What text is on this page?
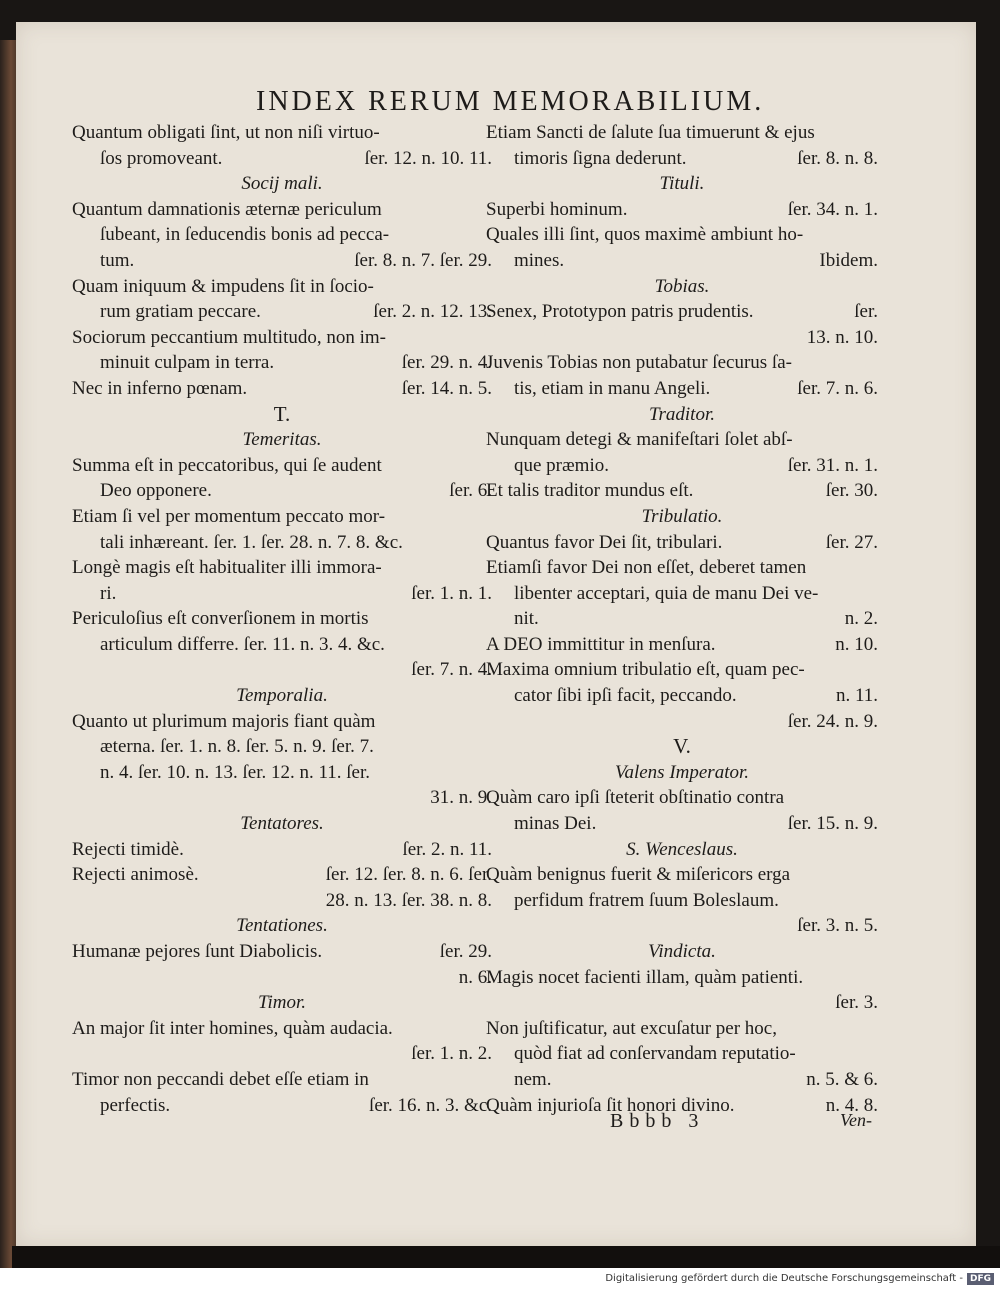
INDEX RERUM MEMORABILIUM.
Quantum obligati ſint, ut non niſi virtuo-
ſos promoveant.	ſer. 12. n. 10. 11.
Socij mali.
Quantum damnationis æternæ periculum
ſubeant, in ſeducendis bonis ad pecca-
tum.	ſer. 8. n. 7. ſer. 29.
Quam iniquum & impudens ſit in ſocio-
rum gratiam peccare.	ſer. 2. n. 12. 13.
Sociorum peccantium multitudo, non im-
minuit culpam in terra.	ſer. 29. n. 4.
Nec in inferno pœnam.	ſer. 14. n. 5.
T.
Temeritas.
Summa eſt in peccatoribus, qui ſe audent
Deo opponere.	ſer. 6.
Etiam ſi vel per momentum peccato mor-
tali inhæreant. ſer. 1. ſer. 28. n. 7. 8. &c.
Longè magis eſt habitualiter illi immora-
ri.	ſer. 1. n. 1.
Periculoſius eſt converſionem in mortis
articulum differre. ſer. 11. n. 3. 4. &c.
ſer. 7. n. 4.
Temporalia.
Quanto ut plurimum majoris fiant quàm
æterna. ſer. 1. n. 8. ſer. 5. n. 9. ſer. 7.
n. 4. ſer. 10. n. 13. ſer. 12. n. 11. ſer.
31. n. 9.
Tentatores.
Rejecti timidè.	ſer. 2. n. 11.
Rejecti animosè.	ſer. 12. ſer. 8. n. 6. ſer.
28. n. 13. ſer. 38. n. 8.
Tentationes.
Humanæ pejores ſunt Diabolicis.	ſer. 29.
n. 6.
Timor.
An major ſit inter homines, quàm audacia.
ſer. 1. n. 2.
Timor non peccandi debet eſſe etiam in
perfectis.	ſer. 16. n. 3. &c.
Etiam Sancti de ſalute ſua timuerunt & ejus
timoris ſigna dederunt.	ſer. 8. n. 8.
Tituli.
Superbi hominum.	ſer. 34. n. 1.
Quales illi ſint, quos maximè ambiunt ho-
mines.	Ibidem.
Tobias.
Senex, Prototypon patris prudentis.	ſer.
13. n. 10.
Juvenis Tobias non putabatur ſecurus ſa-
tis, etiam in manu Angeli.	ſer. 7. n. 6.
Traditor.
Nunquam detegi & manifeſtari ſolet abſ-
que præmio.	ſer. 31. n. 1.
Et talis traditor mundus eſt.	ſer. 30.
Tribulatio.
Quantus favor Dei ſit, tribulari.	ſer. 27.
Etiamſi favor Dei non eſſet, deberet tamen
libenter acceptari, quia de manu Dei ve-
nit.	n. 2.
A DEO immittitur in menſura.	n. 10.
Maxima omnium tribulatio eſt, quam pec-
cator ſibi ipſi facit, peccando.	n. 11.
ſer. 24. n. 9.
V.
Valens Imperator.
Quàm caro ipſi ſteterit obſtinatio contra
minas Dei.	ſer. 15. n. 9.
S. Wenceslaus.
Quàm benignus fuerit & miſericors erga
perfidum fratrem ſuum Boleslaum.
ſer. 3. n. 5.
Vindicta.
Magis nocet facienti illam, quàm patienti.
ſer. 3.
Non juſtificatur, aut excuſatur per hoc,
quòd fiat ad conſervandam reputatio-
nem.	n. 5. & 6.
Quàm injurioſa ſit honori divino.	n. 4. 8.
Bbbb 3	Ven-
Digitalisierung gefördert durch die Deutsche Forschungsgemeinschaft - DFG
